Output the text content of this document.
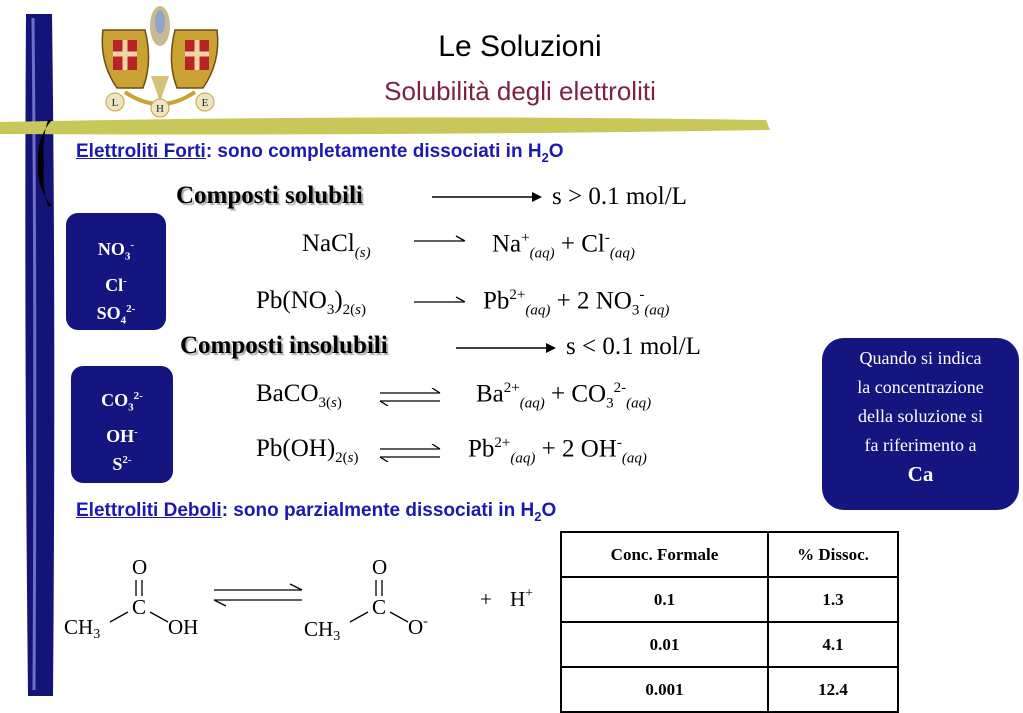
L	H	E
Le Soluzioni
Solubilità degli elettroliti
Elettroliti Forti: sono completamente dissociati in $H_2O$
Composti solubili	s > 0.1 mol/L
$NO_3^-$
Cl-
$SO_4^{2-}$
NaCl$_{(s)}$	$Na^+_{(aq)} + Cl^-_{(aq)}$
$Pb(NO_3)_{2(s)}$	$Pb^{2+}_{(aq)} + 2$ $NO_3^-_{(aq)}$
Composti insolubili	s < 0.1 mol/L
$CO_3^{2-}$
OH-
$S^{2-}$
BaCO$_{3(s)}$	$Ba^{2+}_{(aq)} + CO_3^{2-}_{(aq)}$
$Pb(OH)_{2(s)}$ ⇌ $Pb^{2+}_{(aq)} + 2$ $OH^-_{(aq)}$
Quando si indica
la concentrazione
della soluzione si
fa riferimento a
Ca
Elettroliti Deboli: sono parzialmente dissociati in $H_2O$
O
C
CH3	OH
O
C
CH3	O-
+ H+
Conc. Formale	% Dissoc.
0.1	1.3
0.01	4.1
0.001	12.4
